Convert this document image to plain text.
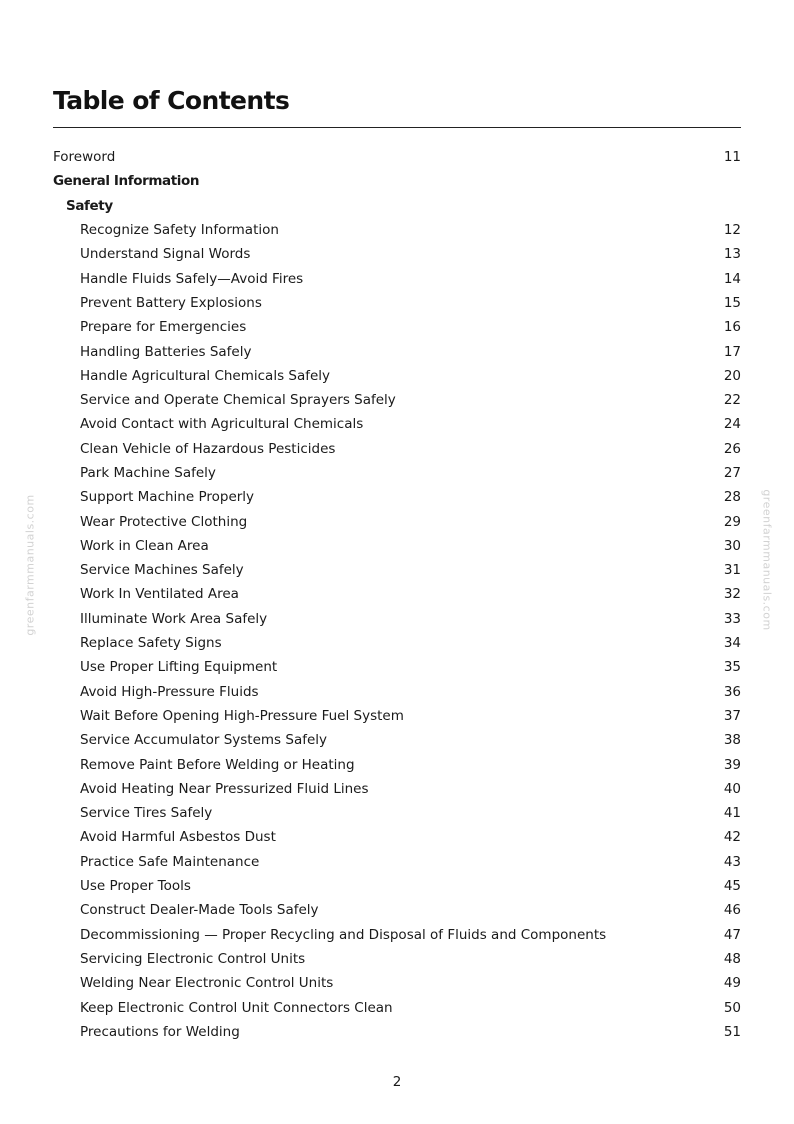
Table of Contents
Foreword	11
General Information
Safety
Recognize Safety Information	12
Understand Signal Words	13
Handle Fluids Safely—Avoid Fires	14
Prevent Battery Explosions	15
Prepare for Emergencies	16
Handling Batteries Safely	17
Handle Agricultural Chemicals Safely	20
Service and Operate Chemical Sprayers Safely	22
Avoid Contact with Agricultural Chemicals	24
Clean Vehicle of Hazardous Pesticides	26
Park Machine Safely	27
Support Machine Properly	28
Wear Protective Clothing	29
Work in Clean Area	30
Service Machines Safely	31
Work In Ventilated Area	32
Illuminate Work Area Safely	33
Replace Safety Signs	34
Use Proper Lifting Equipment	35
Avoid High-Pressure Fluids	36
Wait Before Opening High-Pressure Fuel System	37
Service Accumulator Systems Safely	38
Remove Paint Before Welding or Heating	39
Avoid Heating Near Pressurized Fluid Lines	40
Service Tires Safely	41
Avoid Harmful Asbestos Dust	42
Practice Safe Maintenance	43
Use Proper Tools	45
Construct Dealer-Made Tools Safely	46
Decommissioning — Proper Recycling and Disposal of Fluids and Components	47
Servicing Electronic Control Units	48
Welding Near Electronic Control Units	49
Keep Electronic Control Unit Connectors Clean	50
Precautions for Welding	51
greenfarmmanuals.com	greenfarmmanuals.com
2
